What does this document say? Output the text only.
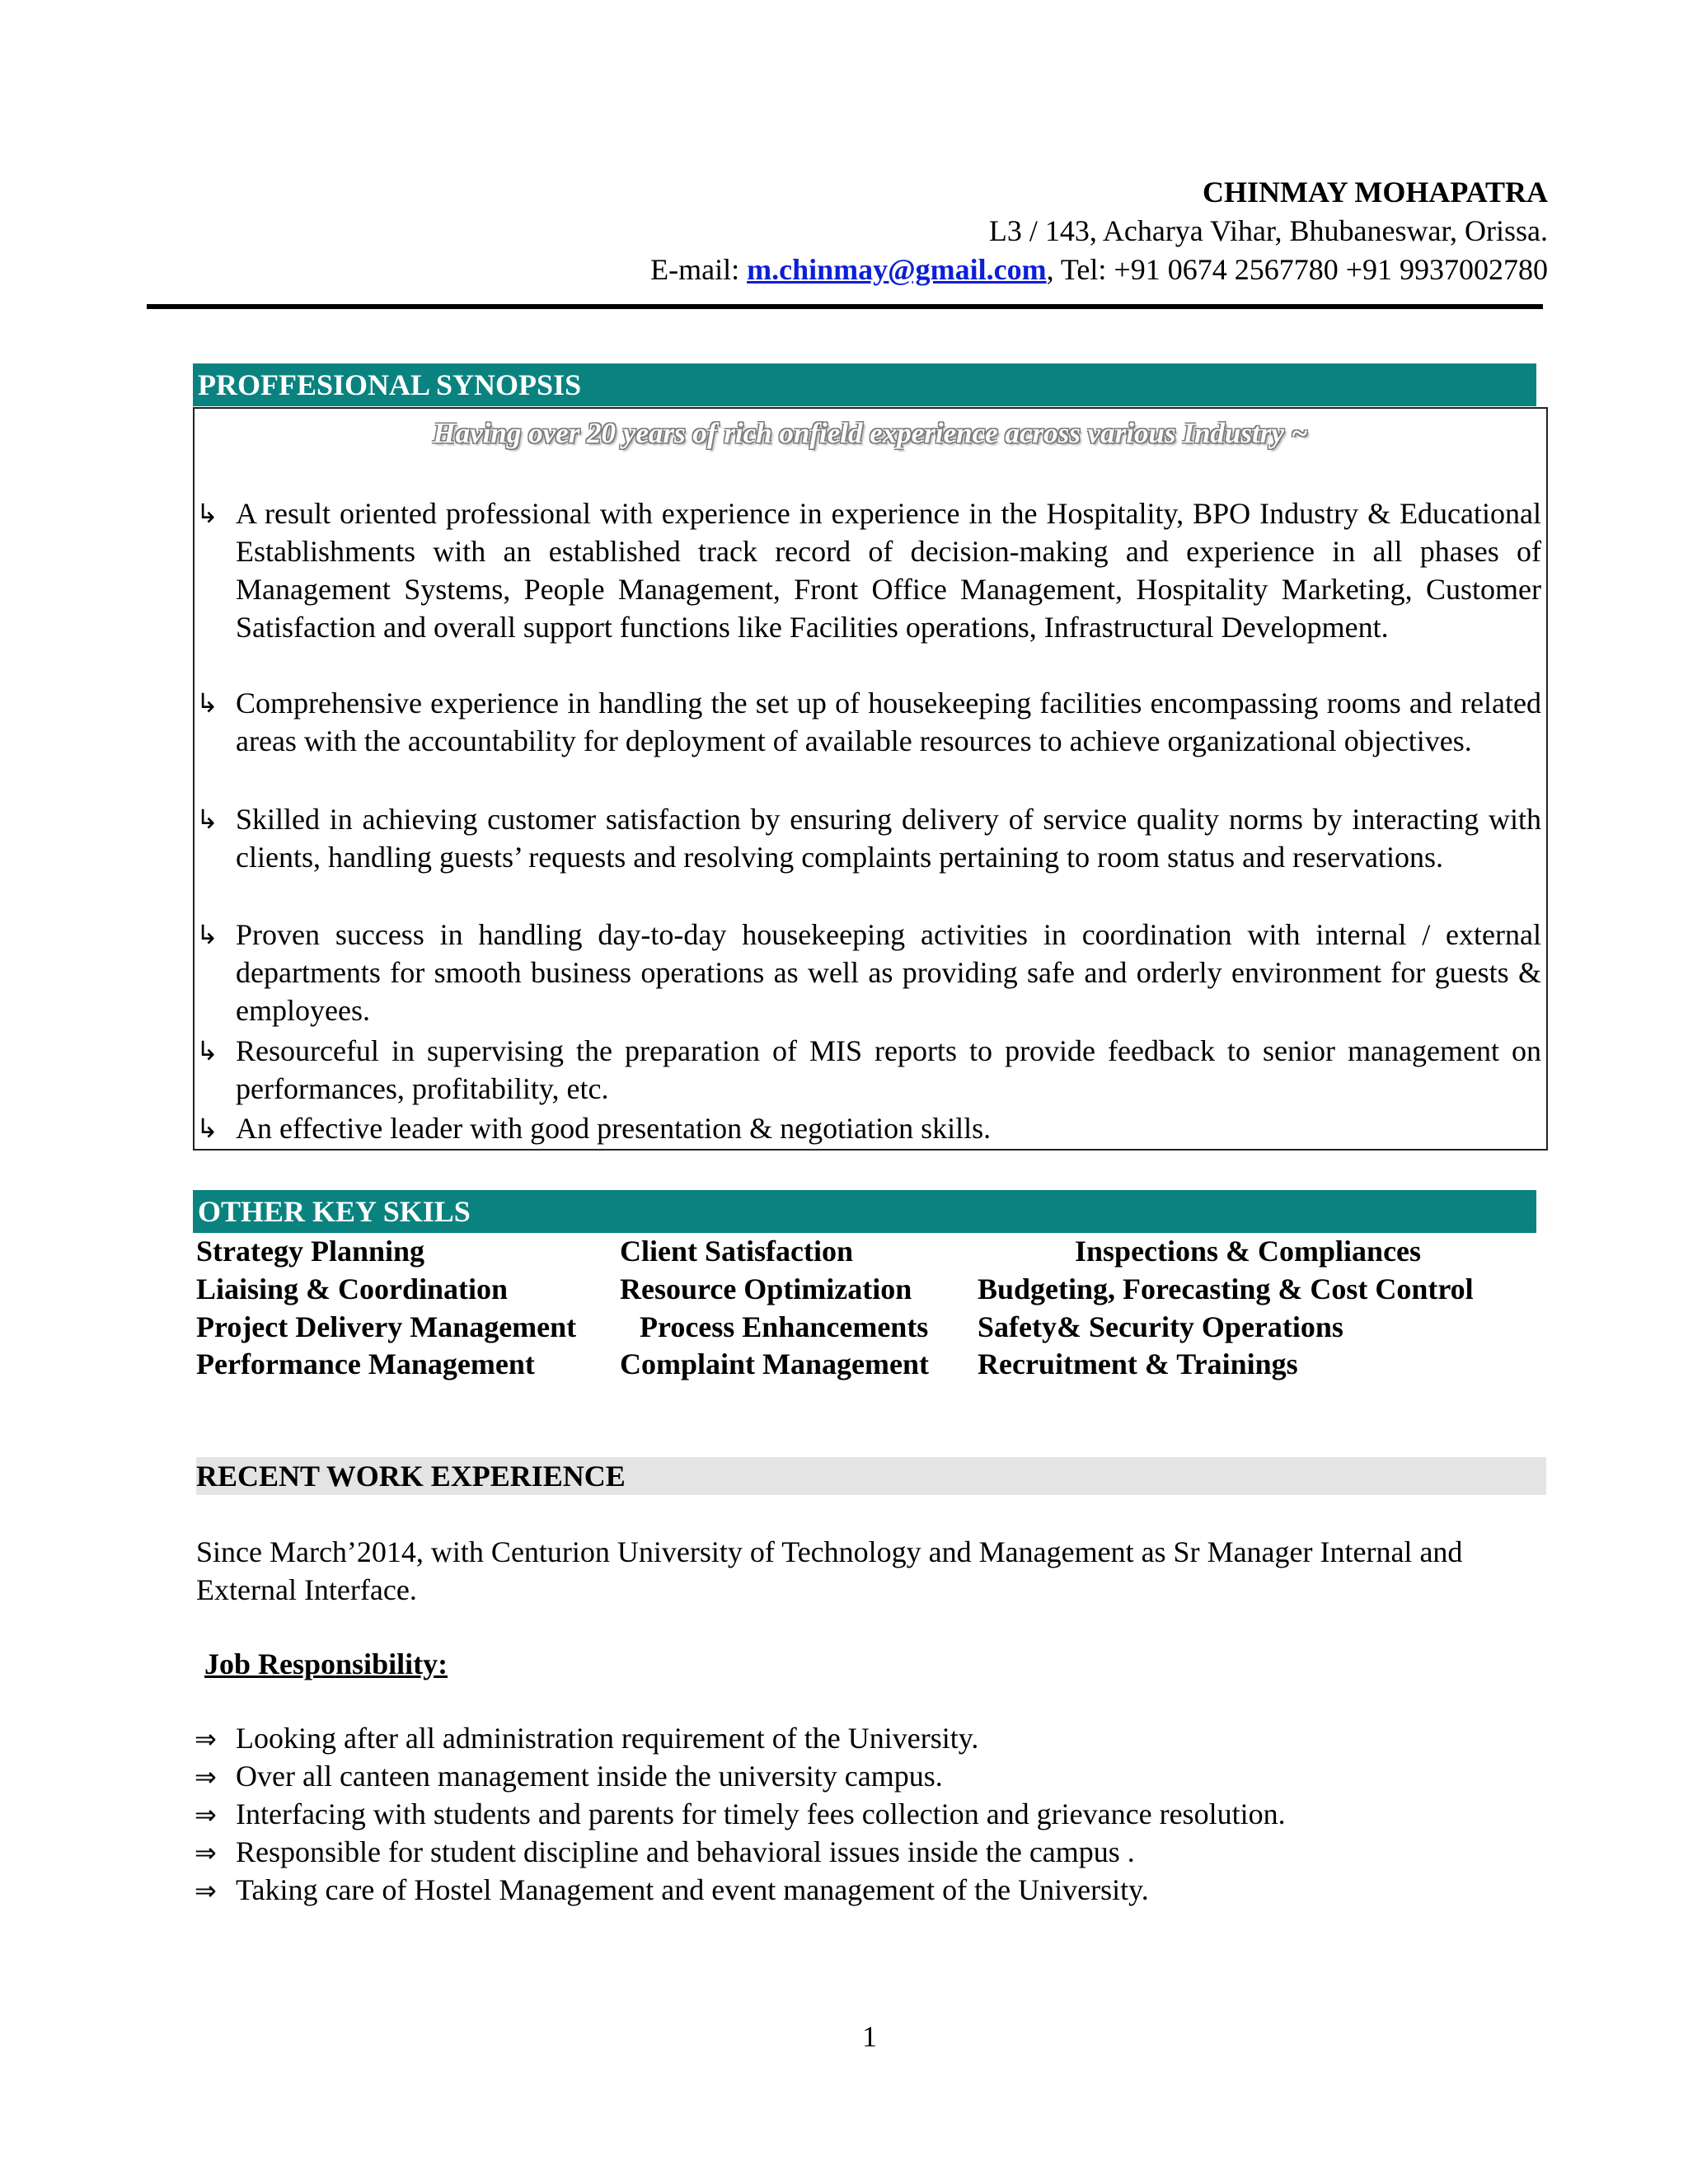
CHINMAY MOHAPATRA
L3 / 143, Acharya Vihar, Bhubaneswar, Orissa.
E-mail: m.chinmay@gmail.com, Tel: +91 0674 2567780 +91 9937002780
PROFFESIONAL SYNOPSIS
Having over 20 years of rich onfield experience across various Industry ~
↳ A result oriented professional with experience in experience in the Hospitality, BPO Industry & Educational Establishments with an established track record of decision-making and experience in all phases of Management Systems, People Management, Front Office Management, Hospitality Marketing, Customer Satisfaction and overall support functions like Facilities operations, Infrastructural Development.
↳ Comprehensive experience in handling the set up of housekeeping facilities encompassing rooms and related areas with the accountability for deployment of available resources to achieve organizational objectives.
↳ Skilled in achieving customer satisfaction by ensuring delivery of service quality norms by interacting with clients, handling guests’ requests and resolving complaints pertaining to room status and reservations.
↳ Proven success in handling day-to-day housekeeping activities in coordination with internal / external departments for smooth business operations as well as providing safe and orderly environment for guests & employees.
↳ Resourceful in supervising the preparation of MIS reports to provide feedback to senior management on performances, profitability, etc.
↳ An effective leader with good presentation & negotiation skills.
OTHER KEY SKILS
Strategy Planning
Liaising & Coordination
Project Delivery Management
Performance Management
Client Satisfaction
Resource Optimization
Process Enhancements
Complaint Management
Inspections & Compliances
Budgeting, Forecasting & Cost Control
Safety& Security Operations
Recruitment & Trainings
RECENT WORK EXPERIENCE
Since March’2014, with Centurion University of Technology and Management as Sr Manager Internal and External Interface.
Job Responsibility:
⇒ Looking after all administration requirement of the University.
⇒ Over all canteen management inside the university campus.
⇒ Interfacing with students and parents for timely fees collection and grievance resolution.
⇒ Responsible for student discipline and behavioral issues inside the campus .
⇒ Taking care of Hostel Management and event management of the University.
1
